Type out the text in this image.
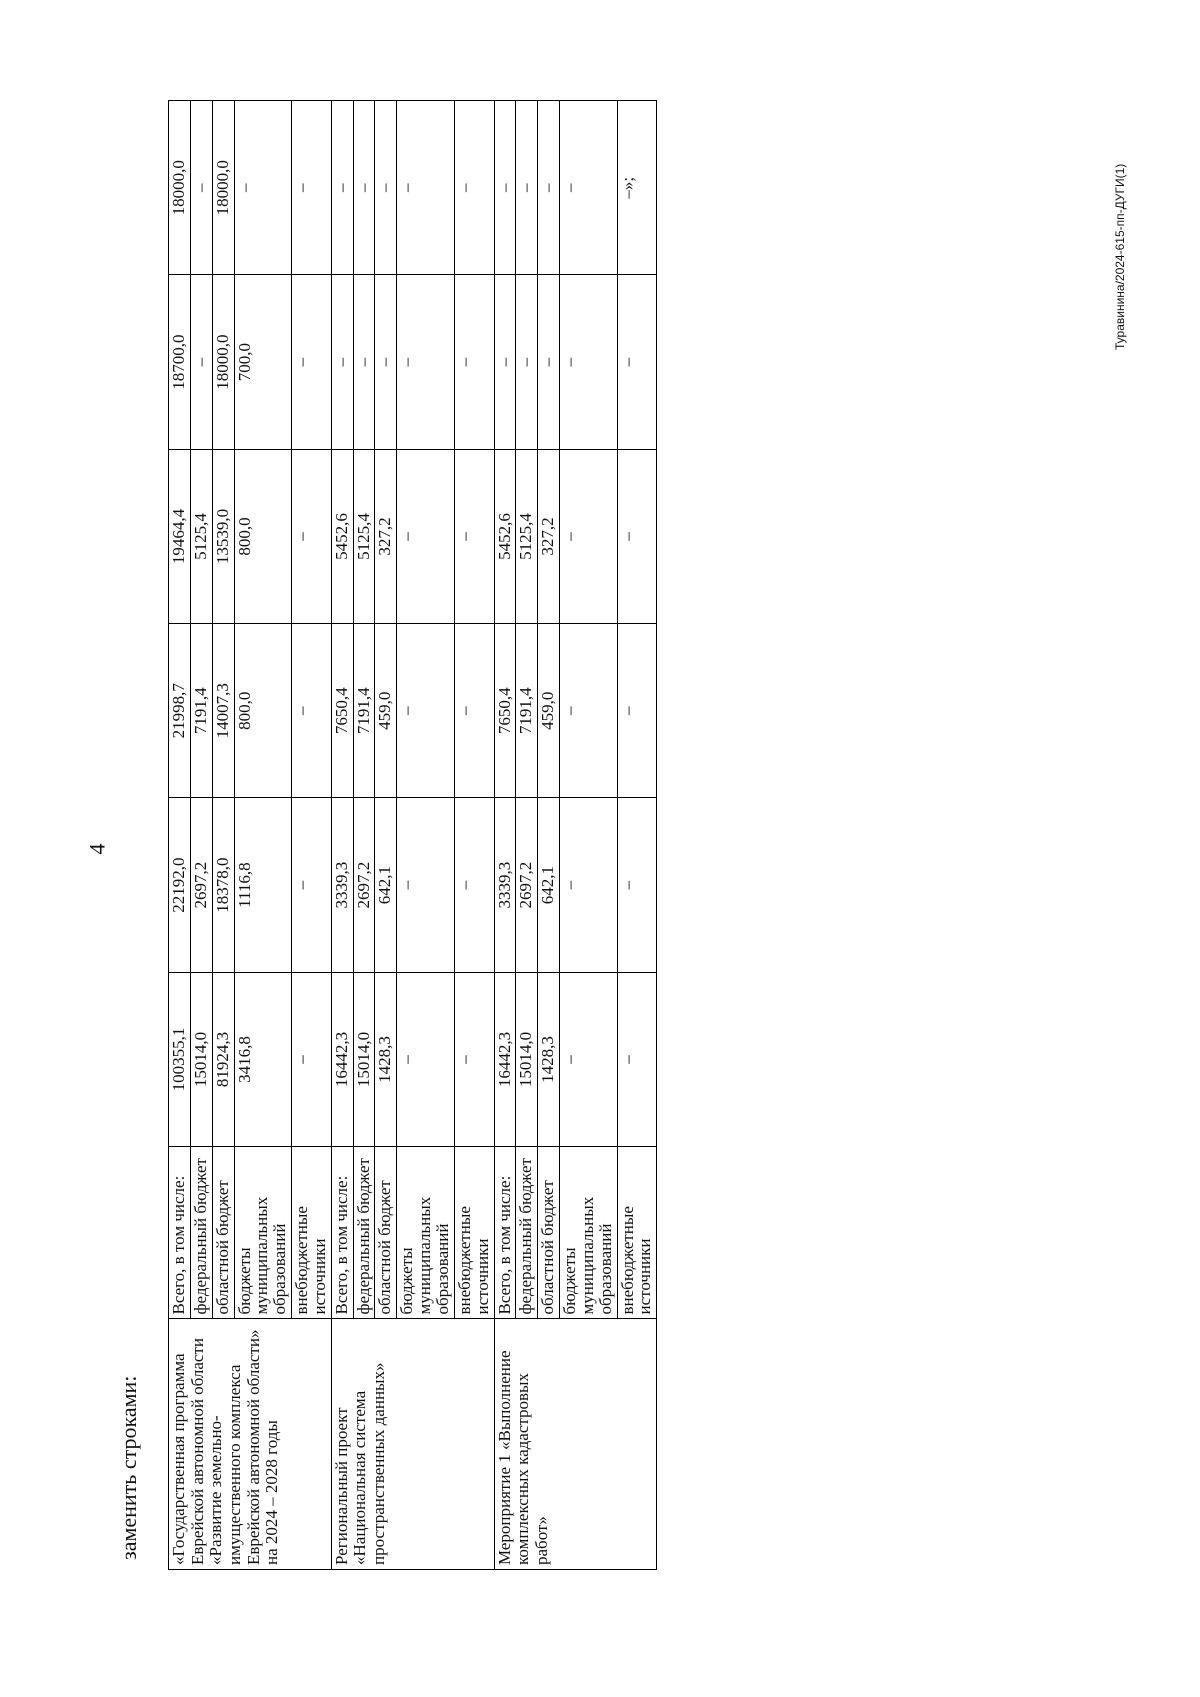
4
заменить строками:
Туравинина/2024-615-пп-ДУГИ(1)
«Государственная программа Еврейской автономной области «Развитие земельно-имущественного комплекса Еврейской автономной области» на 2024 – 2028 годы	Всего, в том числе:	100355,1	22192,0	21998,7	19464,4	18700,0	18000,0
	федеральный бюджет	15014,0	2697,2	7191,4	5125,4	–	–
	областной бюджет	81924,3	18378,0	14007,3	13539,0	18000,0	18000,0
	бюджеты муниципальных образований	3416,8	1116,8	800,0	800,0	700,0	–
	внебюджетные источники	–	–	–	–	–	–
Региональный проект «Национальная система пространственных данных»	Всего, в том числе:	16442,3	3339,3	7650,4	5452,6	–	–
	федеральный бюджет	15014,0	2697,2	7191,4	5125,4	–	–
	областной бюджет	1428,3	642,1	459,0	327,2	–	–
	бюджеты муниципальных образований	–	–	–	–	–	–
	внебюджетные источники	–	–	–	–	–	–
Мероприятие 1 «Выполнение комплексных кадастровых работ»	Всего, в том числе:	16442,3	3339,3	7650,4	5452,6	–	–
	федеральный бюджет	15014,0	2697,2	7191,4	5125,4	–	–
	областной бюджет	1428,3	642,1	459,0	327,2	–	–
	бюджеты муниципальных образований	–	–	–	–	–	–
	внебюджетные источники	–	–	–	–	–	–»;
